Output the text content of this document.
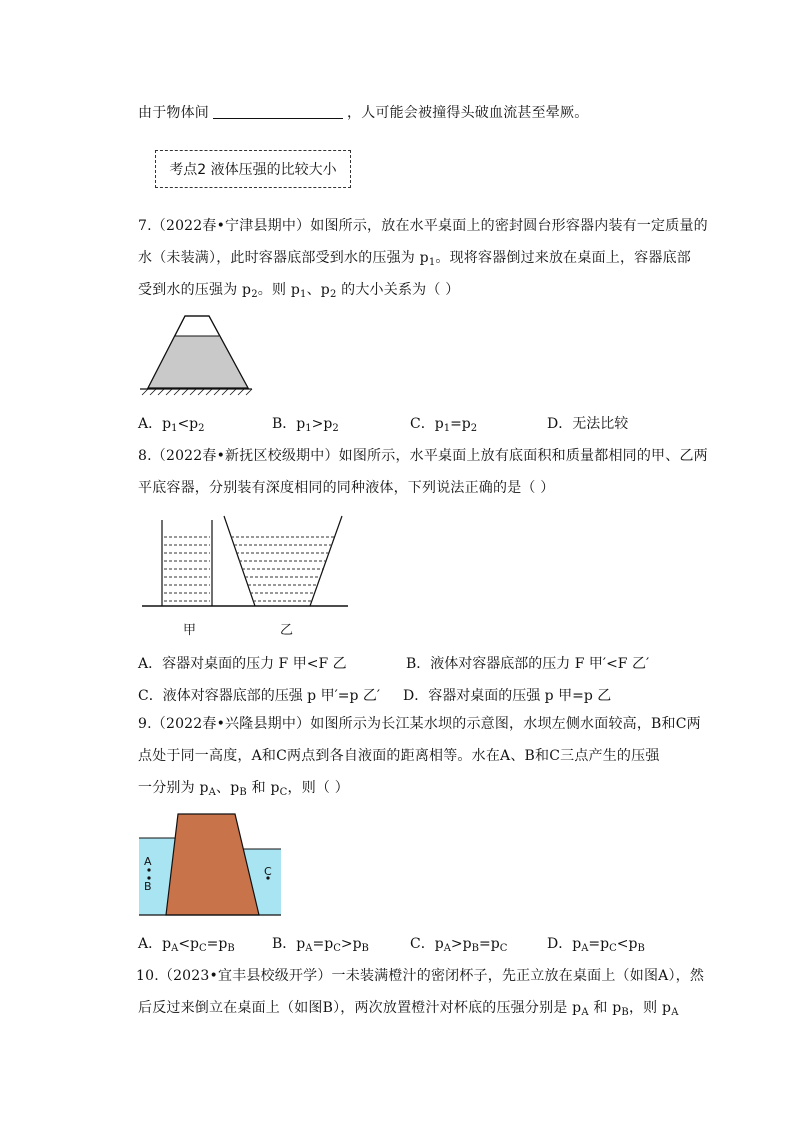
由于物体间	，人可能会被撞得头破血流甚至晕厥。
考点2 液体压强的比较大小
7.（2022春•宁津县期中）如图所示，放在水平桌面上的密封圆台形容器内装有一定质量的
水（未装满），此时容器底部受到水的压强为 $p_1$。现将容器倒过来放在桌面上，容器底部
受到水的压强为 $p_2$。则 $p_1$、$p_2$ 的大小关系为（ ）
A．$p_1<p_2$	B．$p_1>p_2$	C．$p_1=p_2$	D．无法比较
8.（2022春•新抚区校级期中）如图所示，水平桌面上放有底面积和质量都相同的甲、乙两
平底容器，分别装有深度相同的同种液体，下列说法正确的是（ ）
甲	乙
A．容器对桌面的压力 F 甲<F 乙	B．液体对容器底部的压力 F 甲′<F 乙′
C．液体对容器底部的压强 p 甲′=p 乙′ D．容器对桌面的压强 p 甲=p 乙
9.（2022春•兴隆县期中）如图所示为长江某水坝的示意图，水坝左侧水面较高，B和C两
点处于同一高度，A和C两点到各自液面的距离相等。水在A、B和C三点产生的压强
一分别为 $p_A$、$p_B$ 和 $p_C$，则（ ）
A
B
C
A．$p_A<p_C=p_B$	B．$p_A=p_C>p_B$	C．$p_A>p_B=p_C$	D．$p_A=p_C<p_B$
10.（2023•宜丰县校级开学）一未装满橙汁的密闭杯子，先正立放在桌面上（如图A），然
后反过来倒立在桌面上（如图B），两次放置橙汁对杯底的压强分别是 $p_A$ 和 $p_B$，则 $p_A$
